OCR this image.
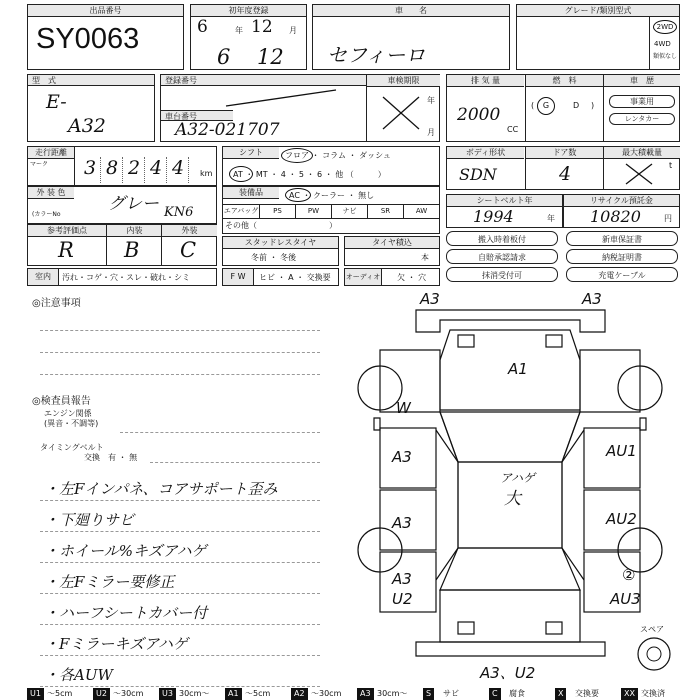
出品番号
SY0063
初年度登録
6	年 12 月
6 12
車　　名
セフィーロ
グレード/類別型式
2WD
4WD
類似なし
型　式
E-
A32
登録番号	車検期限
年
月
車台番号
A32-021707
排 気 量	燃　料	車　歴
2000
CC
(	G	D )	事業用
レンタカー
走行距離
マーク 3 8 2 4 4	km
シフト	フロア ・ コラム ・ ダッシュ
AT ・ MT ・ 4 ・ 5 ・ 6 ・ 他 （　　　）
ボディ形状	ドア数	最大積載量
SDN	4	t
外 装 色
(カラーNo
グレー KN6
装備品	AC ・ クーラー ・ 無し
エアバッグ	PS	PW	ナビ	SR	AW
その他（　　　　　　　　　）
シートベルト年
1994	年
リサイクル預託金
10820	円
参考評価点	内装	外装
R B C	スタッドレスタイヤ
冬前 ・ 冬後
タイヤ積込
本
搬入時着板付	新車保証書
自賠承認請求	納税証明書
抹消受付可	充電ケーブル
室内	汚れ・コゲ・穴・スレ・破れ・シミ	F W	ヒビ ・ A ・ 交換要 オーディオ 欠 ・ 穴
◎注意事項
◎検査員報告
エンジン関係
(異音・不調等)
タイミングベルト
交換　有 ・ 無
・左Fインパネ、コアサポート歪み
・下廻りサビ
・ホイール%キズアハゲ
・左Fミラー要修正
・ハーフシートカバー付
・Fミラーキズアハゲ
・各AUW
A3	A3
A1
W
A3
A3
A3
U2
アハゲ
大
AU1
AU2
②
AU3
A3、U2
スペア
U1 ～5cm	U2 ～30cm	U3 30cm～	A1 ～5cm	A2 ～30cm	A3 30cm～	S	サビ	C	腐食	X	交換要	XX 交換済
